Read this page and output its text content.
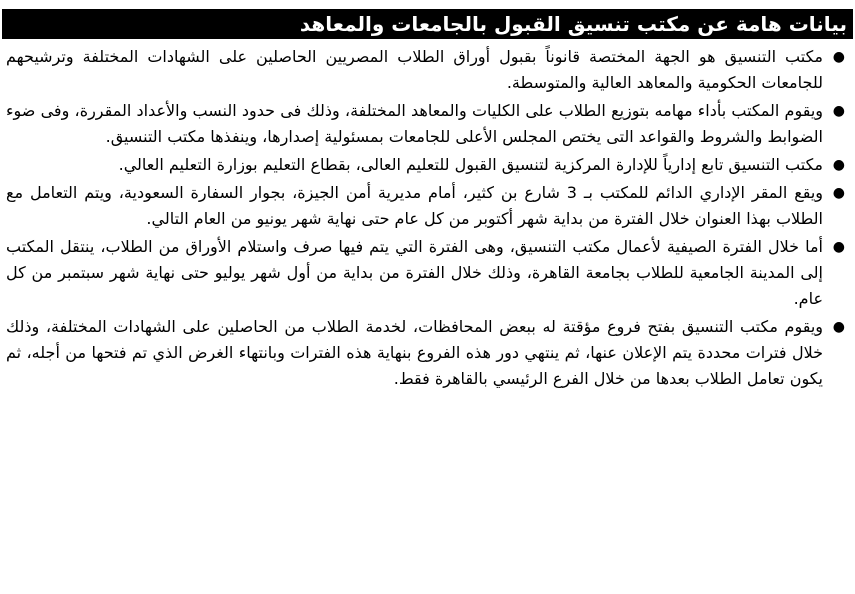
بيانات هامة عن مكتب تنسيق القبول بالجامعات والمعاهد
●
مكتب التنسيق هو الجهة المختصة قانوناً بقبول أوراق الطلاب المصريين الحاصلين على الشهادات المختلفة وترشيحهم للجامعات الحكومية والمعاهد العالية والمتوسطة.
●
ويقوم المكتب بأداء مهامه بتوزيع الطلاب على الكليات والمعاهد المختلفة، وذلك فى حدود النسب والأعداد المقررة، وفى ضوء الضوابط والشروط والقواعد التى يختص المجلس الأعلى للجامعات بمسئولية إصدارها، وينفذها مكتب التنسيق.
●
مكتب التنسيق تابع إدارياً للإدارة المركزية لتنسيق القبول للتعليم العالى، بقطاع التعليم بوزارة التعليم العالي.
●
ويقع المقر الإداري الدائم للمكتب بـ 3 شارع بن كثير، أمام مديرية أمن الجيزة، بجوار السفارة السعودية، ويتم التعامل مع الطلاب بهذا العنوان خلال الفترة من بداية شهر أكتوبر من كل عام حتى نهاية شهر يونيو من العام التالي.
●
أما خلال الفترة الصيفية لأعمال مكتب التنسيق، وهى الفترة التي يتم فيها صرف واستلام الأوراق من الطلاب، ينتقل المكتب إلى المدينة الجامعية للطلاب بجامعة القاهرة، وذلك خلال الفترة من بداية من أول شهر يوليو حتى نهاية شهر سبتمبر من كل عام.
●
ويقوم مكتب التنسيق بفتح فروع مؤقتة له ببعض المحافظات، لخدمة الطلاب من الحاصلين على الشهادات المختلفة، وذلك خلال فترات محددة يتم الإعلان عنها، ثم ينتهي دور هذه الفروع بنهاية هذه الفترات وبانتهاء الغرض الذي تم فتحها من أجله، ثم يكون تعامل الطلاب بعدها من خلال الفرع الرئيسي بالقاهرة فقط.
